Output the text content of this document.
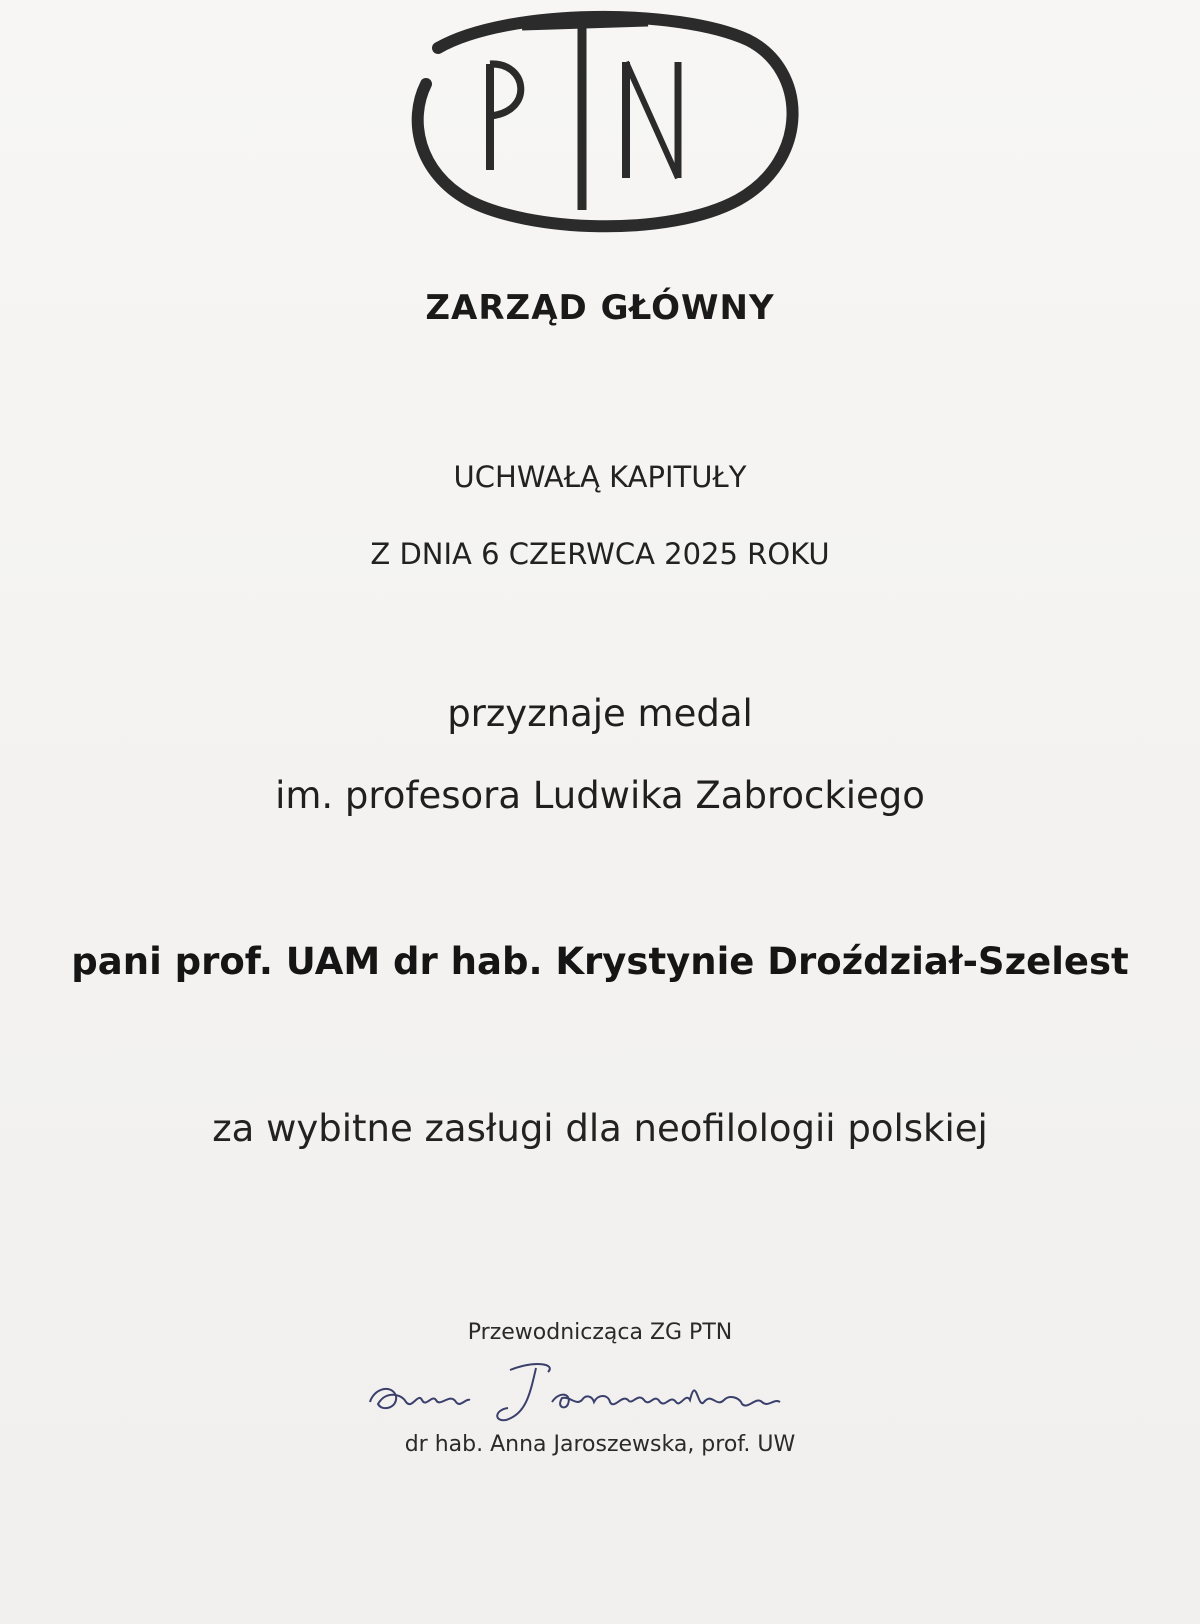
ZARZĄD GŁÓWNY
UCHWAŁĄ KAPITUŁY
Z DNIA 6 CZERWCA 2025 ROKU
przyznaje medal
im. profesora Ludwika Zabrockiego
pani prof. UAM dr hab. Krystynie Droździał-Szelest
za wybitne zasługi dla neofilologii polskiej
Przewodnicząca ZG PTN
dr hab. Anna Jaroszewska, prof. UW
